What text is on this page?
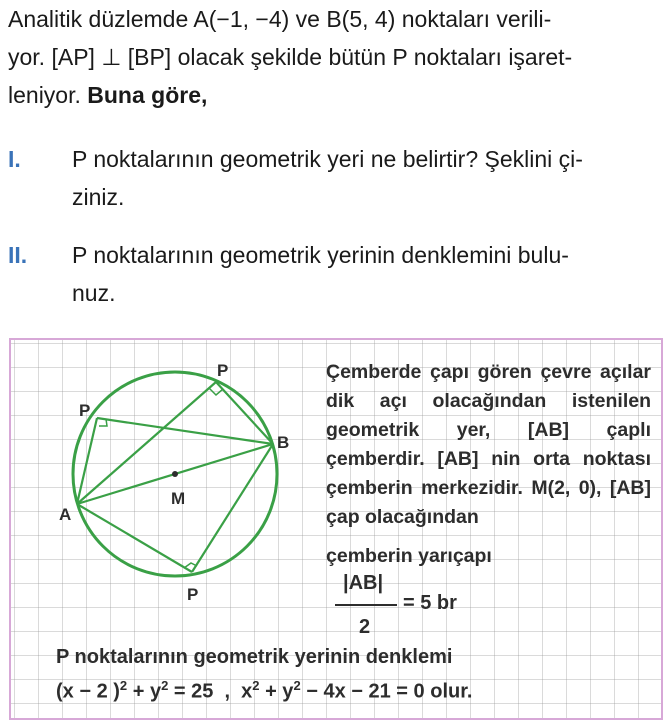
Analitik düzlemde A(−1, −4) ve B(5, 4) noktaları verili-

yor. [AP] ⊥ [BP] olacak şekilde bütün P noktaları işaret-

leniyor. Buna göre,

I. P noktalarının geometrik yeri ne belirtir? Şeklini çi-
ziniz.
II. P noktalarının geometrik yerinin denklemini bulu-
nuz.
P
P
B
A
M
P

Çemberde çapı gören çevre açılar dik açı olacağından istenilen geometrik yer, [AB] çaplı çemberdir. [AB] nin orta noktası çemberin merkezidir. M(2, 0), [AB] çap olacağından

çemberin yarıçapı

|AB|
2
= 5 br
P noktalarının geometrik yerinin denklemi
(x − 2 )$^2 + y^2 = 25$  ,  $x^2 + y^2 - 4x - 21 = 0$ olur.
